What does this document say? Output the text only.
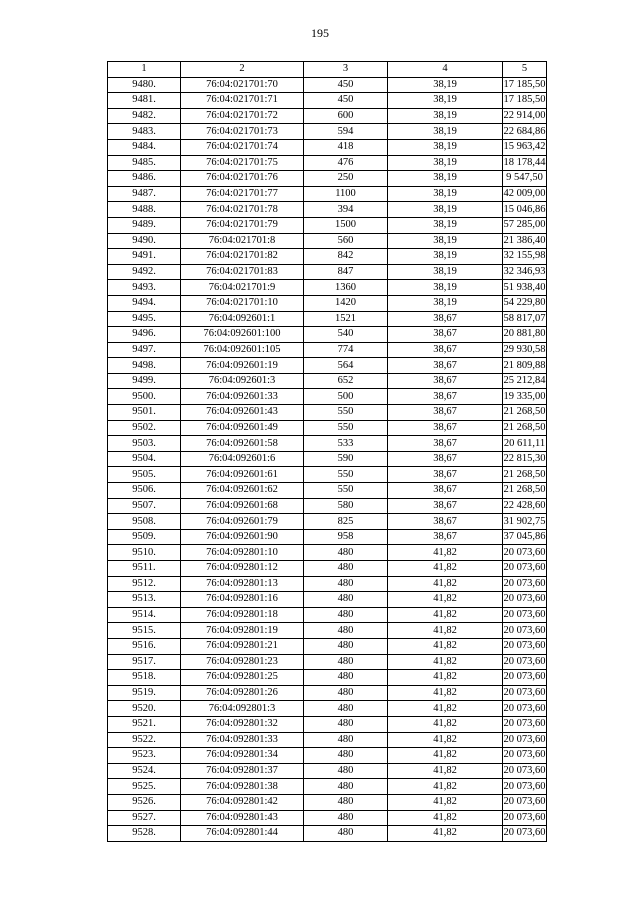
195
1	2	3	4	5
9480.	76:04:021701:70	450	38,19	17 185,50
9481.	76:04:021701:71	450	38,19	17 185,50
9482.	76:04:021701:72	600	38,19	22 914,00
9483.	76:04:021701:73	594	38,19	22 684,86
9484.	76:04:021701:74	418	38,19	15 963,42
9485.	76:04:021701:75	476	38,19	18 178,44
9486.	76:04:021701:76	250	38,19	9 547,50
9487.	76:04:021701:77	1100	38,19	42 009,00
9488.	76:04:021701:78	394	38,19	15 046,86
9489.	76:04:021701:79	1500	38,19	57 285,00
9490.	76:04:021701:8	560	38,19	21 386,40
9491.	76:04:021701:82	842	38,19	32 155,98
9492.	76:04:021701:83	847	38,19	32 346,93
9493.	76:04:021701:9	1360	38,19	51 938,40
9494.	76:04:021701:10	1420	38,19	54 229,80
9495.	76:04:092601:1	1521	38,67	58 817,07
9496.	76:04:092601:100	540	38,67	20 881,80
9497.	76:04:092601:105	774	38,67	29 930,58
9498.	76:04:092601:19	564	38,67	21 809,88
9499.	76:04:092601:3	652	38,67	25 212,84
9500.	76:04:092601:33	500	38,67	19 335,00
9501.	76:04:092601:43	550	38,67	21 268,50
9502.	76:04:092601:49	550	38,67	21 268,50
9503.	76:04:092601:58	533	38,67	20 611,11
9504.	76:04:092601:6	590	38,67	22 815,30
9505.	76:04:092601:61	550	38,67	21 268,50
9506.	76:04:092601:62	550	38,67	21 268,50
9507.	76:04:092601:68	580	38,67	22 428,60
9508.	76:04:092601:79	825	38,67	31 902,75
9509.	76:04:092601:90	958	38,67	37 045,86
9510.	76:04:092801:10	480	41,82	20 073,60
9511.	76:04:092801:12	480	41,82	20 073,60
9512.	76:04:092801:13	480	41,82	20 073,60
9513.	76:04:092801:16	480	41,82	20 073,60
9514.	76:04:092801:18	480	41,82	20 073,60
9515.	76:04:092801:19	480	41,82	20 073,60
9516.	76:04:092801:21	480	41,82	20 073,60
9517.	76:04:092801:23	480	41,82	20 073,60
9518.	76:04:092801:25	480	41,82	20 073,60
9519.	76:04:092801:26	480	41,82	20 073,60
9520.	76:04:092801:3	480	41,82	20 073,60
9521.	76:04:092801:32	480	41,82	20 073,60
9522.	76:04:092801:33	480	41,82	20 073,60
9523.	76:04:092801:34	480	41,82	20 073,60
9524.	76:04:092801:37	480	41,82	20 073,60
9525.	76:04:092801:38	480	41,82	20 073,60
9526.	76:04:092801:42	480	41,82	20 073,60
9527.	76:04:092801:43	480	41,82	20 073,60
9528.	76:04:092801:44	480	41,82	20 073,60
